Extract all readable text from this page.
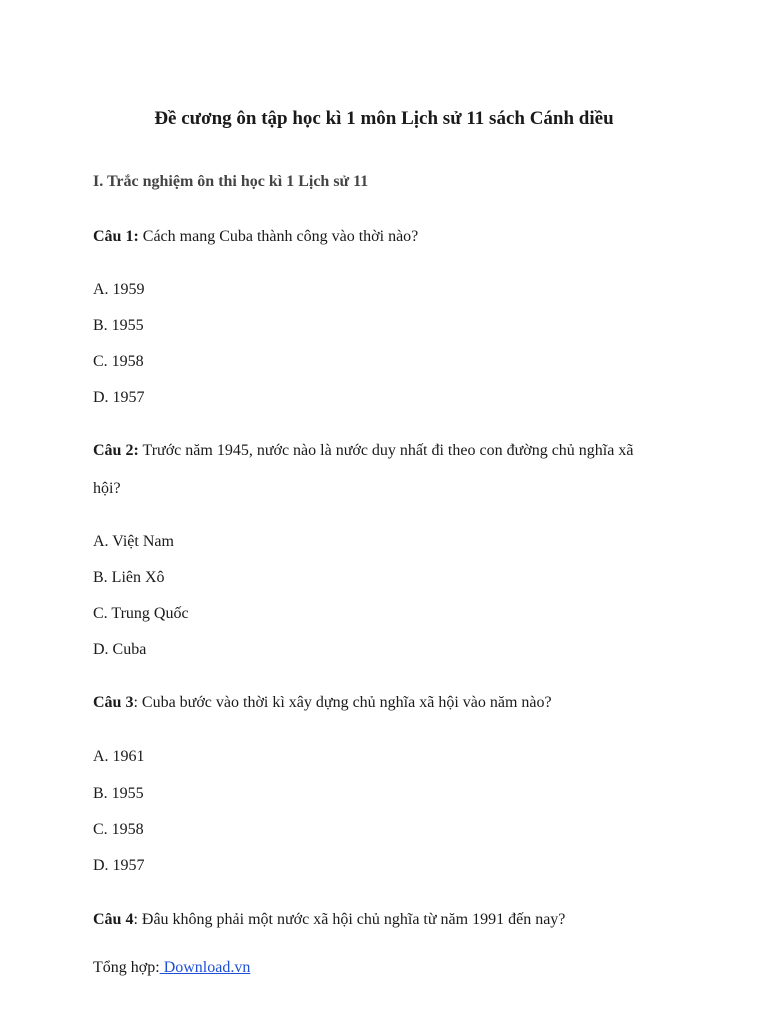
Đề cương ôn tập học kì 1 môn Lịch sử 11 sách Cánh diều
I. Trắc nghiệm ôn thi học kì 1 Lịch sử 11
Câu 1: Cách mang Cuba thành công vào thời nào?
A. 1959
B. 1955
C. 1958
D. 1957
Câu 2: Trước năm 1945, nước nào là nước duy nhất đi theo con đường chủ nghĩa xã
hội?
A. Việt Nam
B. Liên Xô
C. Trung Quốc
D. Cuba
Câu 3: Cuba bước vào thời kì xây dựng chủ nghĩa xã hội vào năm nào?
A. 1961
B. 1955
C. 1958
D. 1957
Câu 4: Đâu không phải một nước xã hội chủ nghĩa từ năm 1991 đến nay?
Tổng hợp: Download.vn
